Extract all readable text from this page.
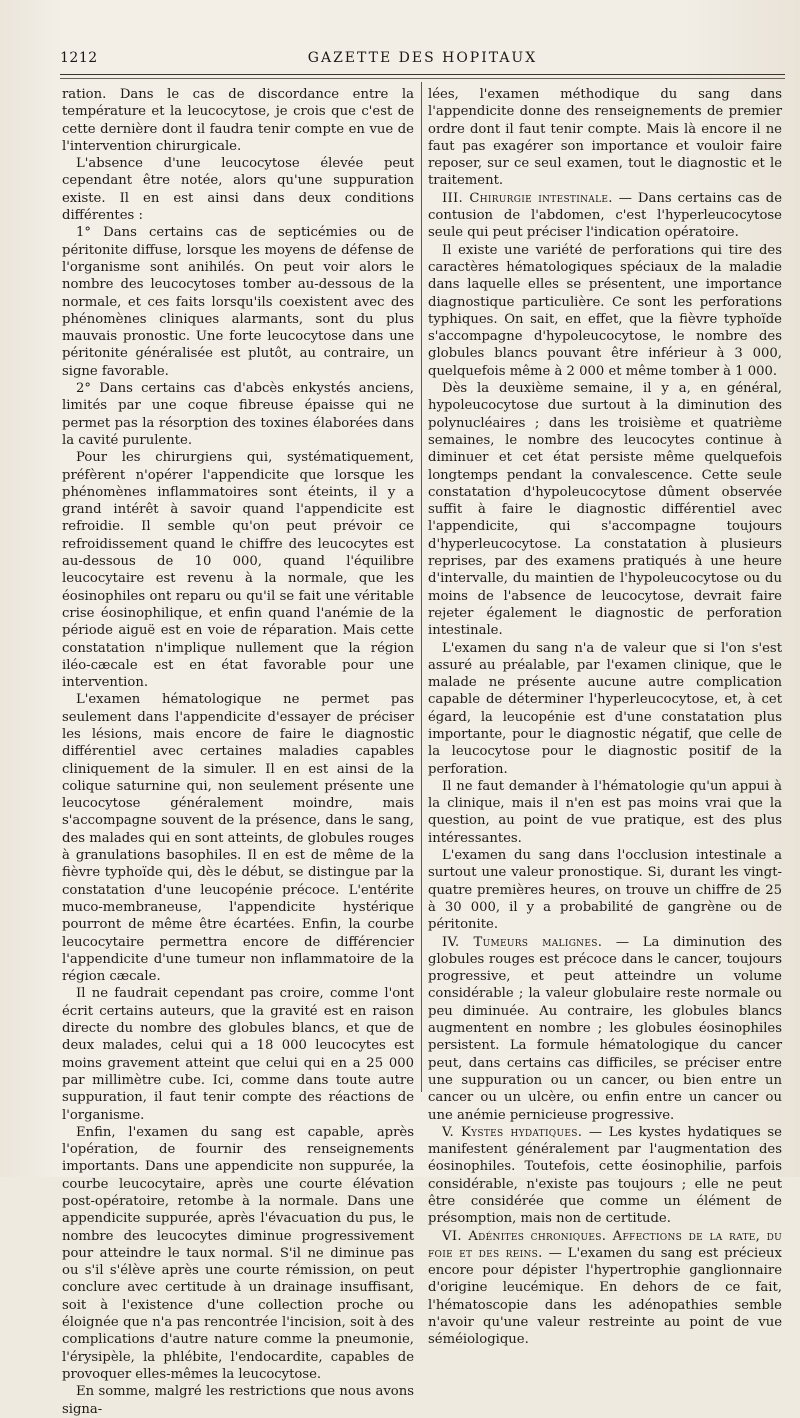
1212	GAZETTE DES HOPITAUX

ration. Dans le cas de discordance entre la température et la leucocytose, je crois que c'est de cette dernière dont il faudra tenir compte en vue de l'intervention chirurgicale.

L'absence d'une leucocytose élevée peut cependant être notée, alors qu'une suppuration existe. Il en est ainsi dans deux conditions différentes :

1° Dans certains cas de septicémies ou de péritonite diffuse, lorsque les moyens de défense de l'organisme sont anihilés. On peut voir alors le nombre des leucocytoses tomber au-dessous de la normale, et ces faits lorsqu'ils coexistent avec des phénomènes cliniques alarmants, sont du plus mauvais pronostic. Une forte leucocytose dans une péritonite généralisée est plutôt, au contraire, un signe favorable.

2° Dans certains cas d'abcès enkystés anciens, limités par une coque fibreuse épaisse qui ne permet pas la résorption des toxines élaborées dans la cavité purulente.

Pour les chirurgiens qui, systématiquement, préfèrent n'opérer l'appendicite que lorsque les phénomènes inflammatoires sont éteints, il y a grand intérêt à savoir quand l'appendicite est refroidie. Il semble qu'on peut prévoir ce refroidissement quand le chiffre des leucocytes est au-dessous de 10 000, quand l'équilibre leucocytaire est revenu à la normale, que les éosinophiles ont reparu ou qu'il se fait une véritable crise éosinophilique, et enfin quand l'anémie de la période aiguë est en voie de réparation. Mais cette constatation n'implique nullement que la région iléo-cæcale est en état favorable pour une intervention.

L'examen hématologique ne permet pas seulement dans l'appendicite d'essayer de préciser les lésions, mais encore de faire le diagnostic différentiel avec certaines maladies capables cliniquement de la simuler. Il en est ainsi de la colique saturnine qui, non seulement présente une leucocytose généralement moindre, mais s'accompagne souvent de la présence, dans le sang, des malades qui en sont atteints, de globules rouges à granulations basophiles. Il en est de même de la fièvre typhoïde qui, dès le début, se distingue par la constatation d'une leucopénie précoce. L'entérite muco-membraneuse, l'appendicite hystérique pourront de même être écartées. Enfin, la courbe leucocytaire permettra encore de différencier l'appendicite d'une tumeur non inflammatoire de la région cæcale.

Il ne faudrait cependant pas croire, comme l'ont écrit certains auteurs, que la gravité est en raison directe du nombre des globules blancs, et que de deux malades, celui qui a 18 000 leucocytes est moins gravement atteint que celui qui en a 25 000 par millimètre cube. Ici, comme dans toute autre suppuration, il faut tenir compte des réactions de l'organisme.

Enfin, l'examen du sang est capable, après l'opération, de fournir des renseignements importants. Dans une appendicite non suppurée, la courbe leucocytaire, après une courte élévation post-opératoire, retombe à la normale. Dans une appendicite suppurée, après l'évacuation du pus, le nombre des leucocytes diminue progressivement pour atteindre le taux normal. S'il ne diminue pas ou s'il s'élève après une courte rémission, on peut conclure avec certitude à un drainage insuffisant, soit à l'existence d'une collection proche ou éloignée que n'a pas rencontrée l'incision, soit à des complications d'autre nature comme la pneumonie, l'érysipèle, la phlébite, l'endocardite, capables de provoquer elles-mêmes la leucocytose.

En somme, malgré les restrictions que nous avons signa-

lées, l'examen méthodique du sang dans l'appendicite donne des renseignements de premier ordre dont il faut tenir compte. Mais là encore il ne faut pas exagérer son importance et vouloir faire reposer, sur ce seul examen, tout le diagnostic et le traitement.

III. Chirurgie intestinale. — Dans certains cas de contusion de l'abdomen, c'est l'hyperleucocytose seule qui peut préciser l'indication opératoire.

Il existe une variété de perforations qui tire des caractères hématologiques spéciaux de la maladie dans laquelle elles se présentent, une importance diagnostique particulière. Ce sont les perforations typhiques. On sait, en effet, que la fièvre typhoïde s'accompagne d'hypoleucocytose, le nombre des globules blancs pouvant être inférieur à 3 000, quelquefois même à 2 000 et même tomber à 1 000.

Dès la deuxième semaine, il y a, en général, hypoleucocytose due surtout à la diminution des polynucléaires ; dans les troisième et quatrième semaines, le nombre des leucocytes continue à diminuer et cet état persiste même quelquefois longtemps pendant la convalescence. Cette seule constatation d'hypoleucocytose dûment observée suffit à faire le diagnostic différentiel avec l'appendicite, qui s'accompagne toujours d'hyperleucocytose. La constatation à plusieurs reprises, par des examens pratiqués à une heure d'intervalle, du maintien de l'hypoleucocytose ou du moins de l'absence de leucocytose, devrait faire rejeter également le diagnostic de perforation intestinale.

L'examen du sang n'a de valeur que si l'on s'est assuré au préalable, par l'examen clinique, que le malade ne présente aucune autre complication capable de déterminer l'hyperleucocytose, et, à cet égard, la leucopénie est d'une constatation plus importante, pour le diagnostic négatif, que celle de la leucocytose pour le diagnostic positif de la perforation.

Il ne faut demander à l'hématologie qu'un appui à la clinique, mais il n'en est pas moins vrai que la question, au point de vue pratique, est des plus intéressantes.

L'examen du sang dans l'occlusion intestinale a surtout une valeur pronostique. Si, durant les vingt-quatre premières heures, on trouve un chiffre de 25 à 30 000, il y a probabilité de gangrène ou de péritonite.

IV. Tumeurs malignes. — La diminution des globules rouges est précoce dans le cancer, toujours progressive, et peut atteindre un volume considérable ; la valeur globulaire reste normale ou peu diminuée. Au contraire, les globules blancs augmentent en nombre ; les globules éosinophiles persistent. La formule hématologique du cancer peut, dans certains cas difficiles, se préciser entre une suppuration ou un cancer, ou bien entre un cancer ou un ulcère, ou enfin entre un cancer ou une anémie pernicieuse progressive.

V. Kystes hydatiques. — Les kystes hydatiques se manifestent généralement par l'augmentation des éosinophiles. Toutefois, cette éosinophilie, parfois considérable, n'existe pas toujours ; elle ne peut être considérée que comme un élément de présomption, mais non de certitude.

VI. Adénites chroniques. Affections de la rate, du foie et des reins. — L'examen du sang est précieux encore pour dépister l'hypertrophie ganglionnaire d'origine leucémique. En dehors de ce fait, l'hématoscopie dans les adénopathies semble n'avoir qu'une valeur restreinte au point de vue séméiologique.
